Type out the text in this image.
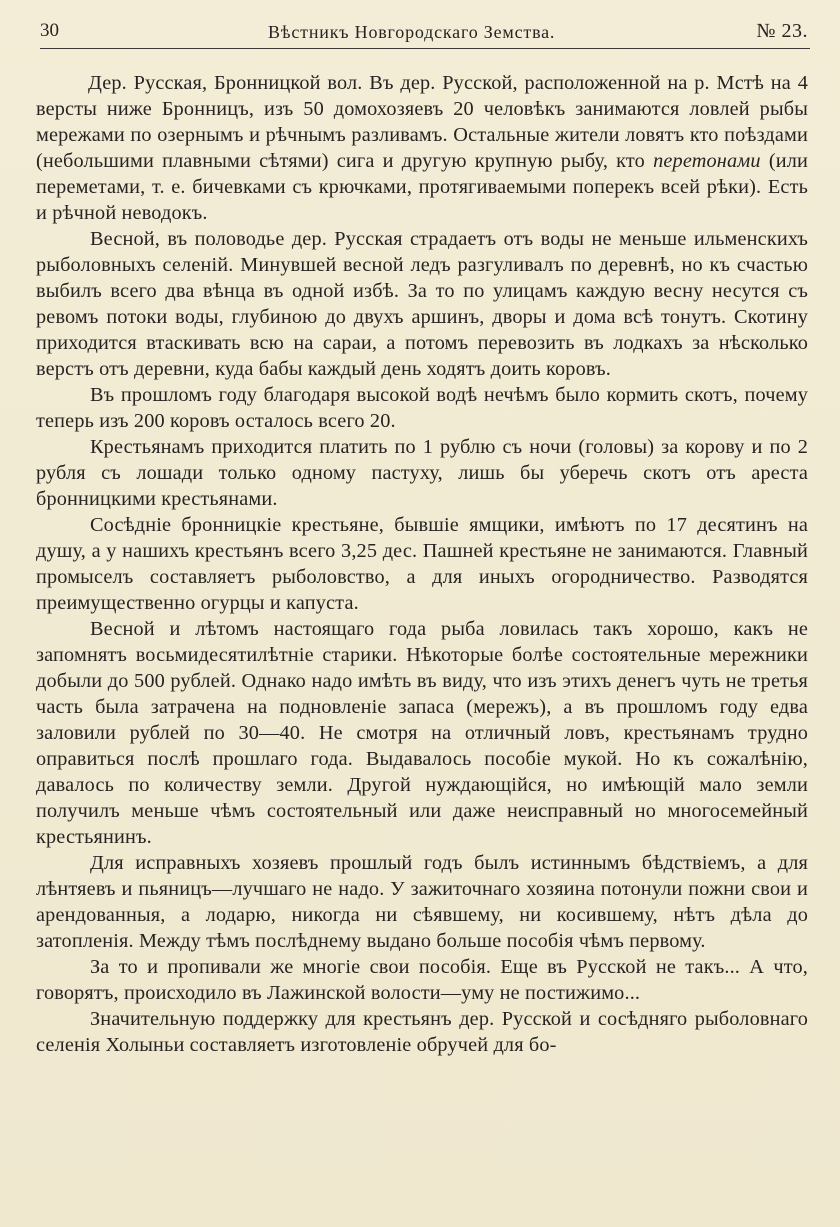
30	Вѣстникъ Новгородскаго Земства.	№ 23.

Дер. Русская, Бронницкой вол. Въ дер. Русской, расположенной на р. Мстѣ на 4 версты ниже Бронницъ, изъ 50 домохозяевъ 20 человѣкъ занимаются ловлей рыбы мережами по озернымъ и рѣчнымъ разливамъ. Остальные жители ловятъ кто поѣздами (небольшими плавными сѣтями) сига и другую крупную рыбу, кто перетонами (или переметами, т. е. бичевками съ крючками, протягиваемыми поперекъ всей рѣки). Есть и рѣчной неводокъ.

Весной, въ половодье дер. Русская страдаетъ отъ воды не меньше ильменскихъ рыболовныхъ селеній. Минувшей весной ледъ разгуливалъ по деревнѣ, но къ счастью выбилъ всего два вѣнца въ одной избѣ. За то по улицамъ каждую весну несутся съ ревомъ потоки воды, глубиною до двухъ аршинъ, дворы и дома всѣ тонутъ. Скотину приходится втаскивать всю на сараи, а потомъ перевозить въ лодкахъ за нѣсколько верстъ отъ деревни, куда бабы каждый день ходятъ доить коровъ.

Въ прошломъ году благодаря высокой водѣ нечѣмъ было кормить скотъ, почему теперь изъ 200 коровъ осталось всего 20.

Крестьянамъ приходится платить по 1 рублю съ ночи (головы) за корову и по 2 рубля съ лошади только одному пастуху, лишь бы уберечь скотъ отъ ареста бронницкими крестьянами.

Сосѣдніе бронницкіе крестьяне, бывшіе ямщики, имѣютъ по 17 десятинъ на душу, а у нашихъ крестьянъ всего 3,25 дес. Пашней крестьяне не занимаются. Главный промыселъ составляетъ рыболовство, а для иныхъ огородничество. Разводятся преимущественно огурцы и капуста.

Весной и лѣтомъ настоящаго года рыба ловилась такъ хорошо, какъ не запомнятъ восьмидесятилѣтніе старики. Нѣкоторые болѣе состоятельные мережники добыли до 500 рублей. Однако надо имѣть въ виду, что изъ этихъ денегъ чуть не третья часть была затрачена на подновленіе запаса (мережъ), а въ прошломъ году едва заловили рублей по 30—40. Не смотря на отличный ловъ, крестьянамъ трудно оправиться послѣ прошлаго года. Выдавалось пособіе мукой. Но къ сожалѣнію, давалось по количеству земли. Другой нуждающійся, но имѣющій мало земли получилъ меньше чѣмъ состоятельный или даже неисправный но многосемейный крестьянинъ.

Для исправныхъ хозяевъ прошлый годъ былъ истиннымъ бѣдствіемъ, а для лѣнтяевъ и пьяницъ—лучшаго не надо. У зажиточнаго хозяина потонули пожни свои и арендованныя, а лодарю, никогда ни сѣявшему, ни косившему, нѣтъ дѣла до затопленія. Между тѣмъ послѣднему выдано больше пособія чѣмъ первому.

За то и пропивали же многіе свои пособія. Еще въ Русской не такъ... А что, говорятъ, происходило въ Лажинской волости—уму не постижимо...

Значительную поддержку для крестьянъ дер. Русской и сосѣдняго рыболовнаго селенія Холыньи составляетъ изготовленіе обручей для бо-
